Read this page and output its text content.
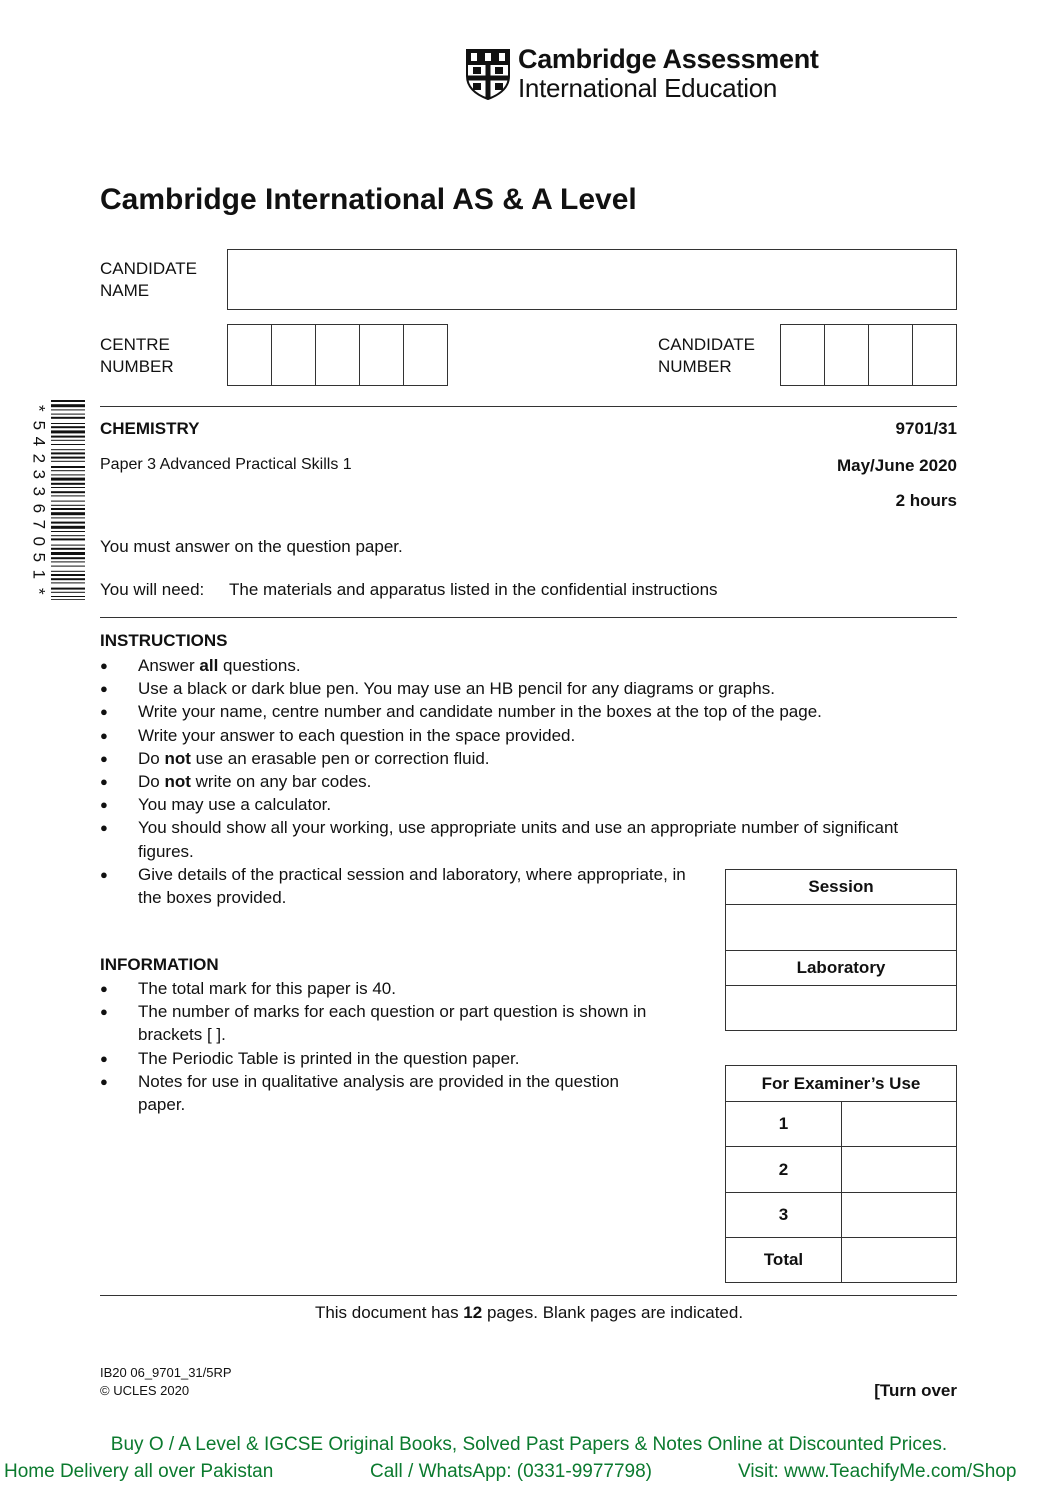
Cambridge Assessment
International Education
Cambridge International AS & A Level
CANDIDATE
NAME
CENTRE
NUMBER
CANDIDATE
NUMBER
*
5
4
2
3
3
6
7
0
5
1
*
CHEMISTRY	9701/31
Paper 3 Advanced Practical Skills 1	May/June 2020
2 hours
You must answer on the question paper.
You will need: The materials and apparatus listed in the confidential instructions
INSTRUCTIONS
● Answer all questions.
● Use a black or dark blue pen. You may use an HB pencil for any diagrams or graphs.
● Write your name, centre number and candidate number in the boxes at the top of the page.
● Write your answer to each question in the space provided.
● Do not use an erasable pen or correction fluid.
● Do not write on any bar codes.
● You may use a calculator.
● You should show all your working, use appropriate units and use an appropriate number of significant figures.
● Give details of the practical session and laboratory, where appropriate, in the boxes provided.
Session

Laboratory

INFORMATION
● The total mark for this paper is 40.
● The number of marks for each question or part question is shown in brackets [ ].
● The Periodic Table is printed in the question paper.
● Notes for use in qualitative analysis are provided in the question paper.
For Examiner’s Use	
1	
2	
3	
Total	
This document has 12 pages. Blank pages are indicated.
IB20 06_9701_31/5RP
© UCLES 2020	[Turn over
Buy O / A Level & IGCSE Original Books, Solved Past Papers & Notes Online at Discounted Prices.
Home Delivery all over Pakistan	Call / WhatsApp: (0331-9977798)	Visit: www.TeachifyMe.com/Shop
